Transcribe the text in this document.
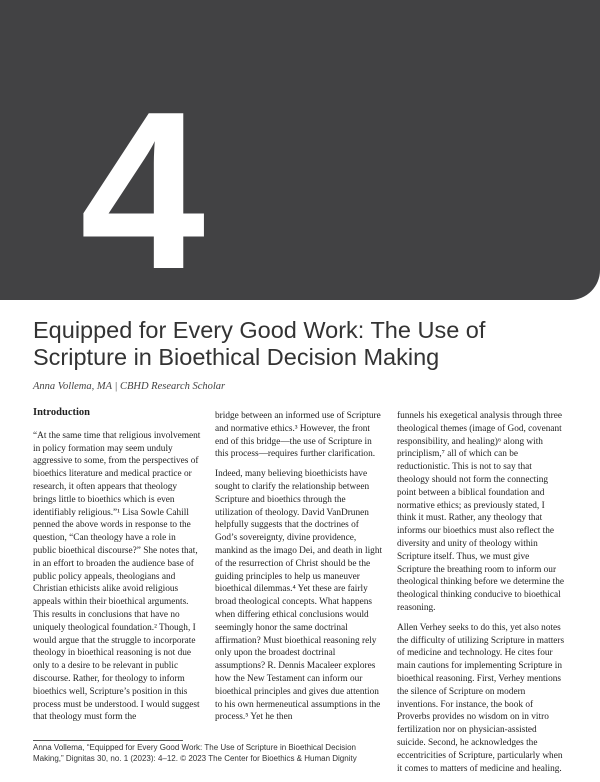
4
Equipped for Every Good Work: The Use of Scripture in Bioethical Decision Making
Anna Vollema, MA | CBHD Research Scholar
Introduction

“At the same time that religious involvement in policy formation may seem unduly aggressive to some, from the perspectives of bioethics literature and medical practice or research, it often appears that theology brings little to bioethics which is even identifiably religious.”¹ Lisa Sowle Cahill penned the above words in response to the question, “Can theology have a role in public bioethical discourse?” She notes that, in an effort to broaden the audience base of public policy appeals, theologians and Christian ethicists alike avoid religious appeals within their bioethical arguments. This results in conclusions that have no uniquely theological foundation.² Though, I would argue that the struggle to incorporate theology in bioethical reasoning is not due only to a desire to be relevant in public discourse. Rather, for theology to inform bioethics well, Scripture’s position in this process must be understood. I would suggest that theology must form the

bridge between an informed use of Scripture and normative ethics.³ However, the front end of this bridge—the use of Scripture in this process—requires further clarification.

Indeed, many believing bioethicists have sought to clarify the relationship between Scripture and bioethics through the utilization of theology. David VanDrunen helpfully suggests that the doctrines of God’s sovereignty, divine providence, mankind as the imago Dei, and death in light of the resurrection of Christ should be the guiding principles to help us maneuver bioethical dilemmas.⁴ Yet these are fairly broad theological concepts. What happens when differing ethical conclusions would seemingly honor the same doctrinal affirmation? Must bioethical reasoning rely only upon the broadest doctrinal assumptions? R. Dennis Macaleer explores how the New Testament can inform our bioethical principles and gives due attention to his own hermeneutical assumptions in the process.⁵ Yet he then

funnels his exegetical analysis through three theological themes (image of God, covenant responsibility, and healing)⁶ along with principlism,⁷ all of which can be reductionistic. This is not to say that theology should not form the connecting point between a biblical foundation and normative ethics; as previously stated, I think it must. Rather, any theology that informs our bioethics must also reflect the diversity and unity of theology within Scripture itself. Thus, we must give Scripture the breathing room to inform our theological thinking before we determine the theological thinking conducive to bioethical reasoning.

Allen Verhey seeks to do this, yet also notes the difficulty of utilizing Scripture in matters of medicine and technology. He cites four main cautions for implementing Scripture in bioethical reasoning. First, Verhey mentions the silence of Scripture on modern inventions. For instance, the book of Proverbs provides no wisdom on in vitro fertilization nor on physician-assisted suicide. Second, he acknowledges the eccentricities of Scripture, particularly when it comes to matters of medicine and healing.

Anna Vollema, “Equipped for Every Good Work: The Use of Scripture in Bioethical Decision Making,” Dignitas 30, no. 1 (2023): 4–12. © 2023 The Center for Bioethics & Human Dignity
